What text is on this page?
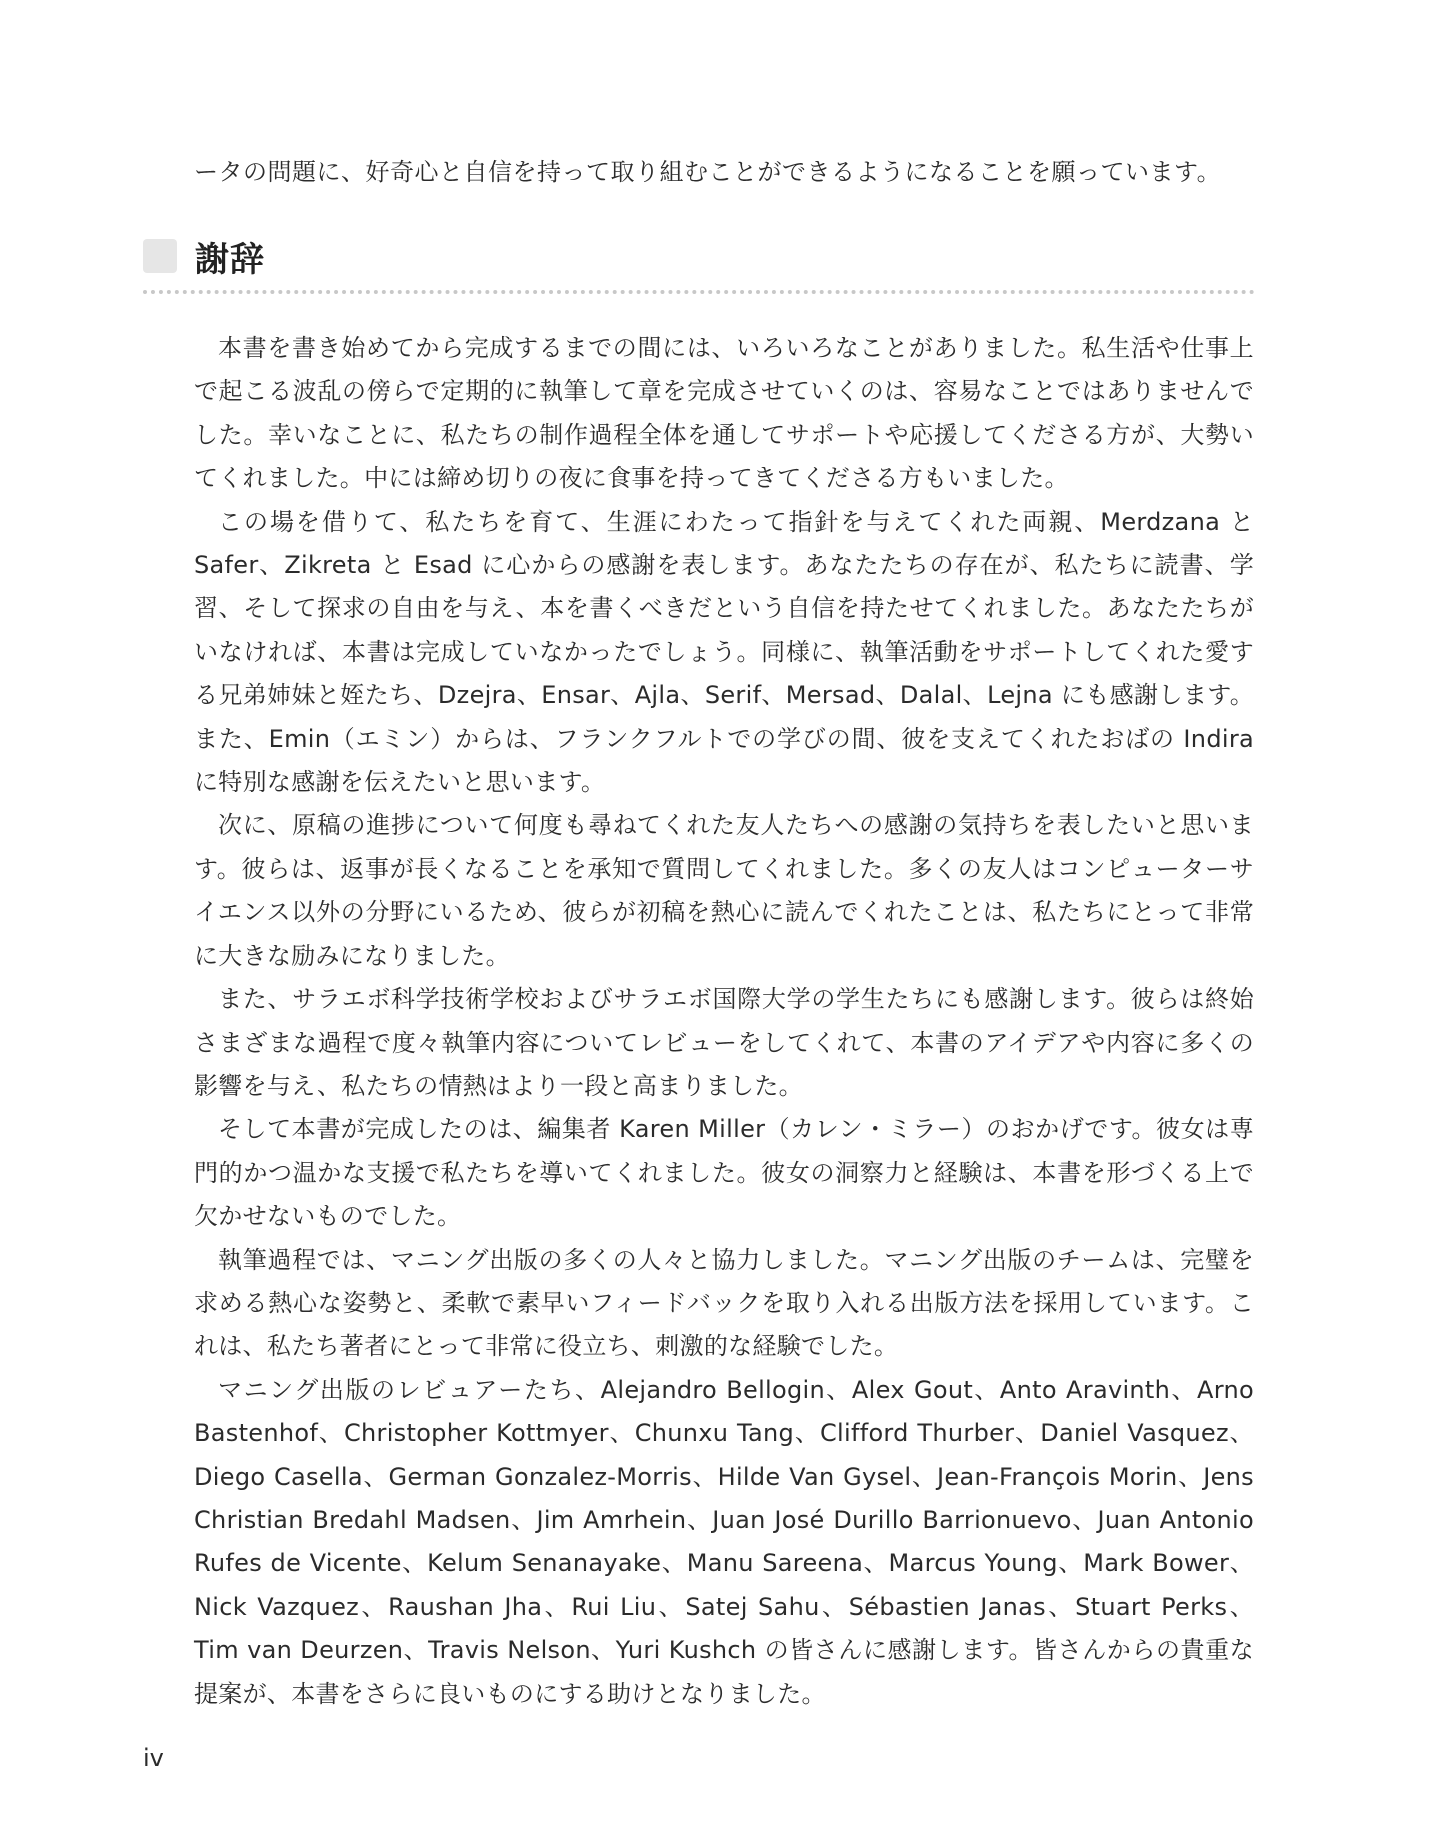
ータの問題に、好奇心と自信を持って取り組むことができるようになることを願っています。
謝辞

本書を書き始めてから完成するまでの間には、いろいろなことがありました。私生活や仕事上で起こる波乱の傍らで定期的に執筆して章を完成させていくのは、容易なことではありませんでした。幸いなことに、私たちの制作過程全体を通してサポートや応援してくださる方が、大勢いてくれました。中には締め切りの夜に食事を持ってきてくださる方もいました。

この場を借りて、私たちを育て、生涯にわたって指針を与えてくれた両親、Merdzana と Safer、Zikreta と Esad に心からの感謝を表します。あなたたちの存在が、私たちに読書、学習、そして探求の自由を与え、本を書くべきだという自信を持たせてくれました。あなたたちがいなければ、本書は完成していなかったでしょう。同様に、執筆活動をサポートしてくれた愛する兄弟姉妹と姪たち、Dzejra、Ensar、Ajla、Serif、Mersad、Dalal、Lejna にも感謝します。また、Emin（エミン）からは、フランクフルトでの学びの間、彼を支えてくれたおばの Indira に特別な感謝を伝えたいと思います。

次に、原稿の進捗について何度も尋ねてくれた友人たちへの感謝の気持ちを表したいと思います。彼らは、返事が長くなることを承知で質問してくれました。多くの友人はコンピューターサイエンス以外の分野にいるため、彼らが初稿を熱心に読んでくれたことは、私たちにとって非常に大きな励みになりました。

また、サラエボ科学技術学校およびサラエボ国際大学の学生たちにも感謝します。彼らは終始さまざまな過程で度々執筆内容についてレビューをしてくれて、本書のアイデアや内容に多くの影響を与え、私たちの情熱はより一段と高まりました。

そして本書が完成したのは、編集者 Karen Miller（カレン・ミラー）のおかげです。彼女は専門的かつ温かな支援で私たちを導いてくれました。彼女の洞察力と経験は、本書を形づくる上で欠かせないものでした。

執筆過程では、マニング出版の多くの人々と協力しました。マニング出版のチームは、完璧を求める熱心な姿勢と、柔軟で素早いフィードバックを取り入れる出版方法を採用しています。これは、私たち著者にとって非常に役立ち、刺激的な経験でした。

マニング出版のレビュアーたち、Alejandro Bellogin、Alex Gout、Anto Aravinth、Arno Bastenhof、Christopher Kottmyer、Chunxu Tang、Clifford Thurber、Daniel Vasquez、Diego Casella、German Gonzalez-Morris、Hilde Van Gysel、Jean-François Morin、Jens Christian Bredahl Madsen、Jim Amrhein、Juan José Durillo Barrionuevo、Juan Antonio Rufes de Vicente、Kelum Senanayake、Manu Sareena、Marcus Young、Mark Bower、Nick Vazquez、Raushan Jha、Rui Liu、Satej Sahu、Sébastien Janas、Stuart Perks、Tim van Deurzen、Travis Nelson、Yuri Kushch の皆さんに感謝します。皆さんからの貴重な提案が、本書をさらに良いものにする助けとなりました。

iv
